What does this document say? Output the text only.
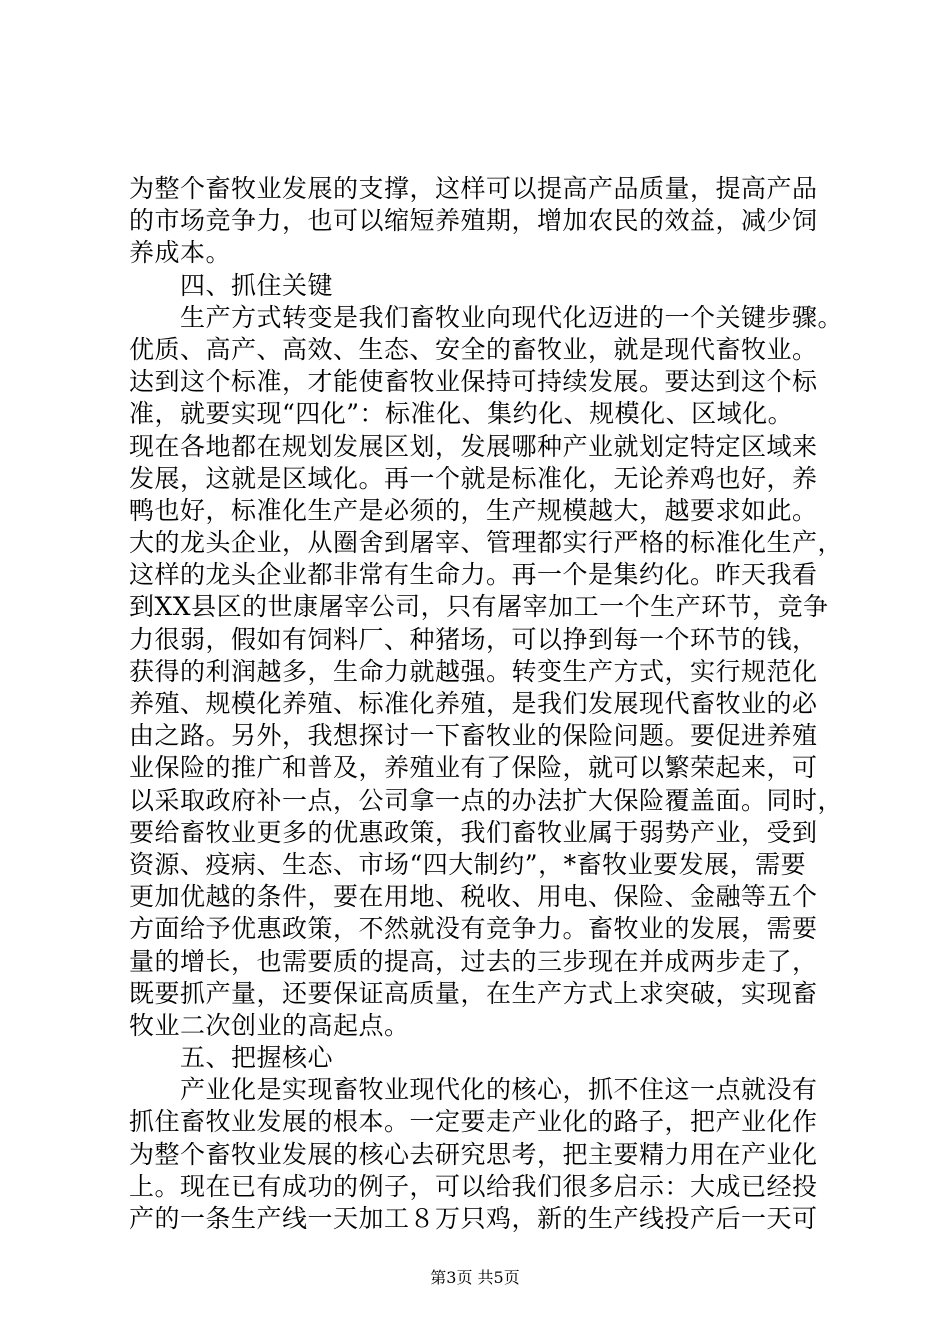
为整个畜牧业发展的支撑，这样可以提高产品质量，提高产品
的市场竞争力，也可以缩短养殖期，增加农民的效益，减少饲
养成本。
　　四、抓住关键
　　生产方式转变是我们畜牧业向现代化迈进的一个关键步骤。
优质、高产、高效、生态、安全的畜牧业，就是现代畜牧业。
达到这个标准，才能使畜牧业保持可持续发展。要达到这个标
准，就要实现“四化”：标准化、集约化、规模化、区域化。
现在各地都在规划发展区划，发展哪种产业就划定特定区域来
发展，这就是区域化。再一个就是标准化，无论养鸡也好，养
鸭也好，标准化生产是必须的，生产规模越大，越要求如此。
大的龙头企业，从圈舍到屠宰、管理都实行严格的标准化生产，
这样的龙头企业都非常有生命力。再一个是集约化。昨天我看
到XX县区的世康屠宰公司，只有屠宰加工一个生产环节，竞争
力很弱，假如有饲料厂、种猪场，可以挣到每一个环节的钱，
获得的利润越多，生命力就越强。转变生产方式，实行规范化
养殖、规模化养殖、标准化养殖，是我们发展现代畜牧业的必
由之路。另外，我想探讨一下畜牧业的保险问题。要促进养殖
业保险的推广和普及，养殖业有了保险，就可以繁荣起来，可
以采取政府补一点，公司拿一点的办法扩大保险覆盖面。同时，
要给畜牧业更多的优惠政策，我们畜牧业属于弱势产业，受到
资源、疫病、生态、市场“四大制约”，*畜牧业要发展，需要
更加优越的条件，要在用地、税收、用电、保险、金融等五个
方面给予优惠政策，不然就没有竞争力。畜牧业的发展，需要
量的增长，也需要质的提高，过去的三步现在并成两步走了，
既要抓产量，还要保证高质量，在生产方式上求突破，实现畜
牧业二次创业的高起点。
　　五、把握核心
　　产业化是实现畜牧业现代化的核心，抓不住这一点就没有
抓住畜牧业发展的根本。一定要走产业化的路子，把产业化作
为整个畜牧业发展的核心去研究思考，把主要精力用在产业化
上。现在已有成功的例子，可以给我们很多启示：大成已经投
产的一条生产线一天加工８万只鸡，新的生产线投产后一天可
第3页 共5页
